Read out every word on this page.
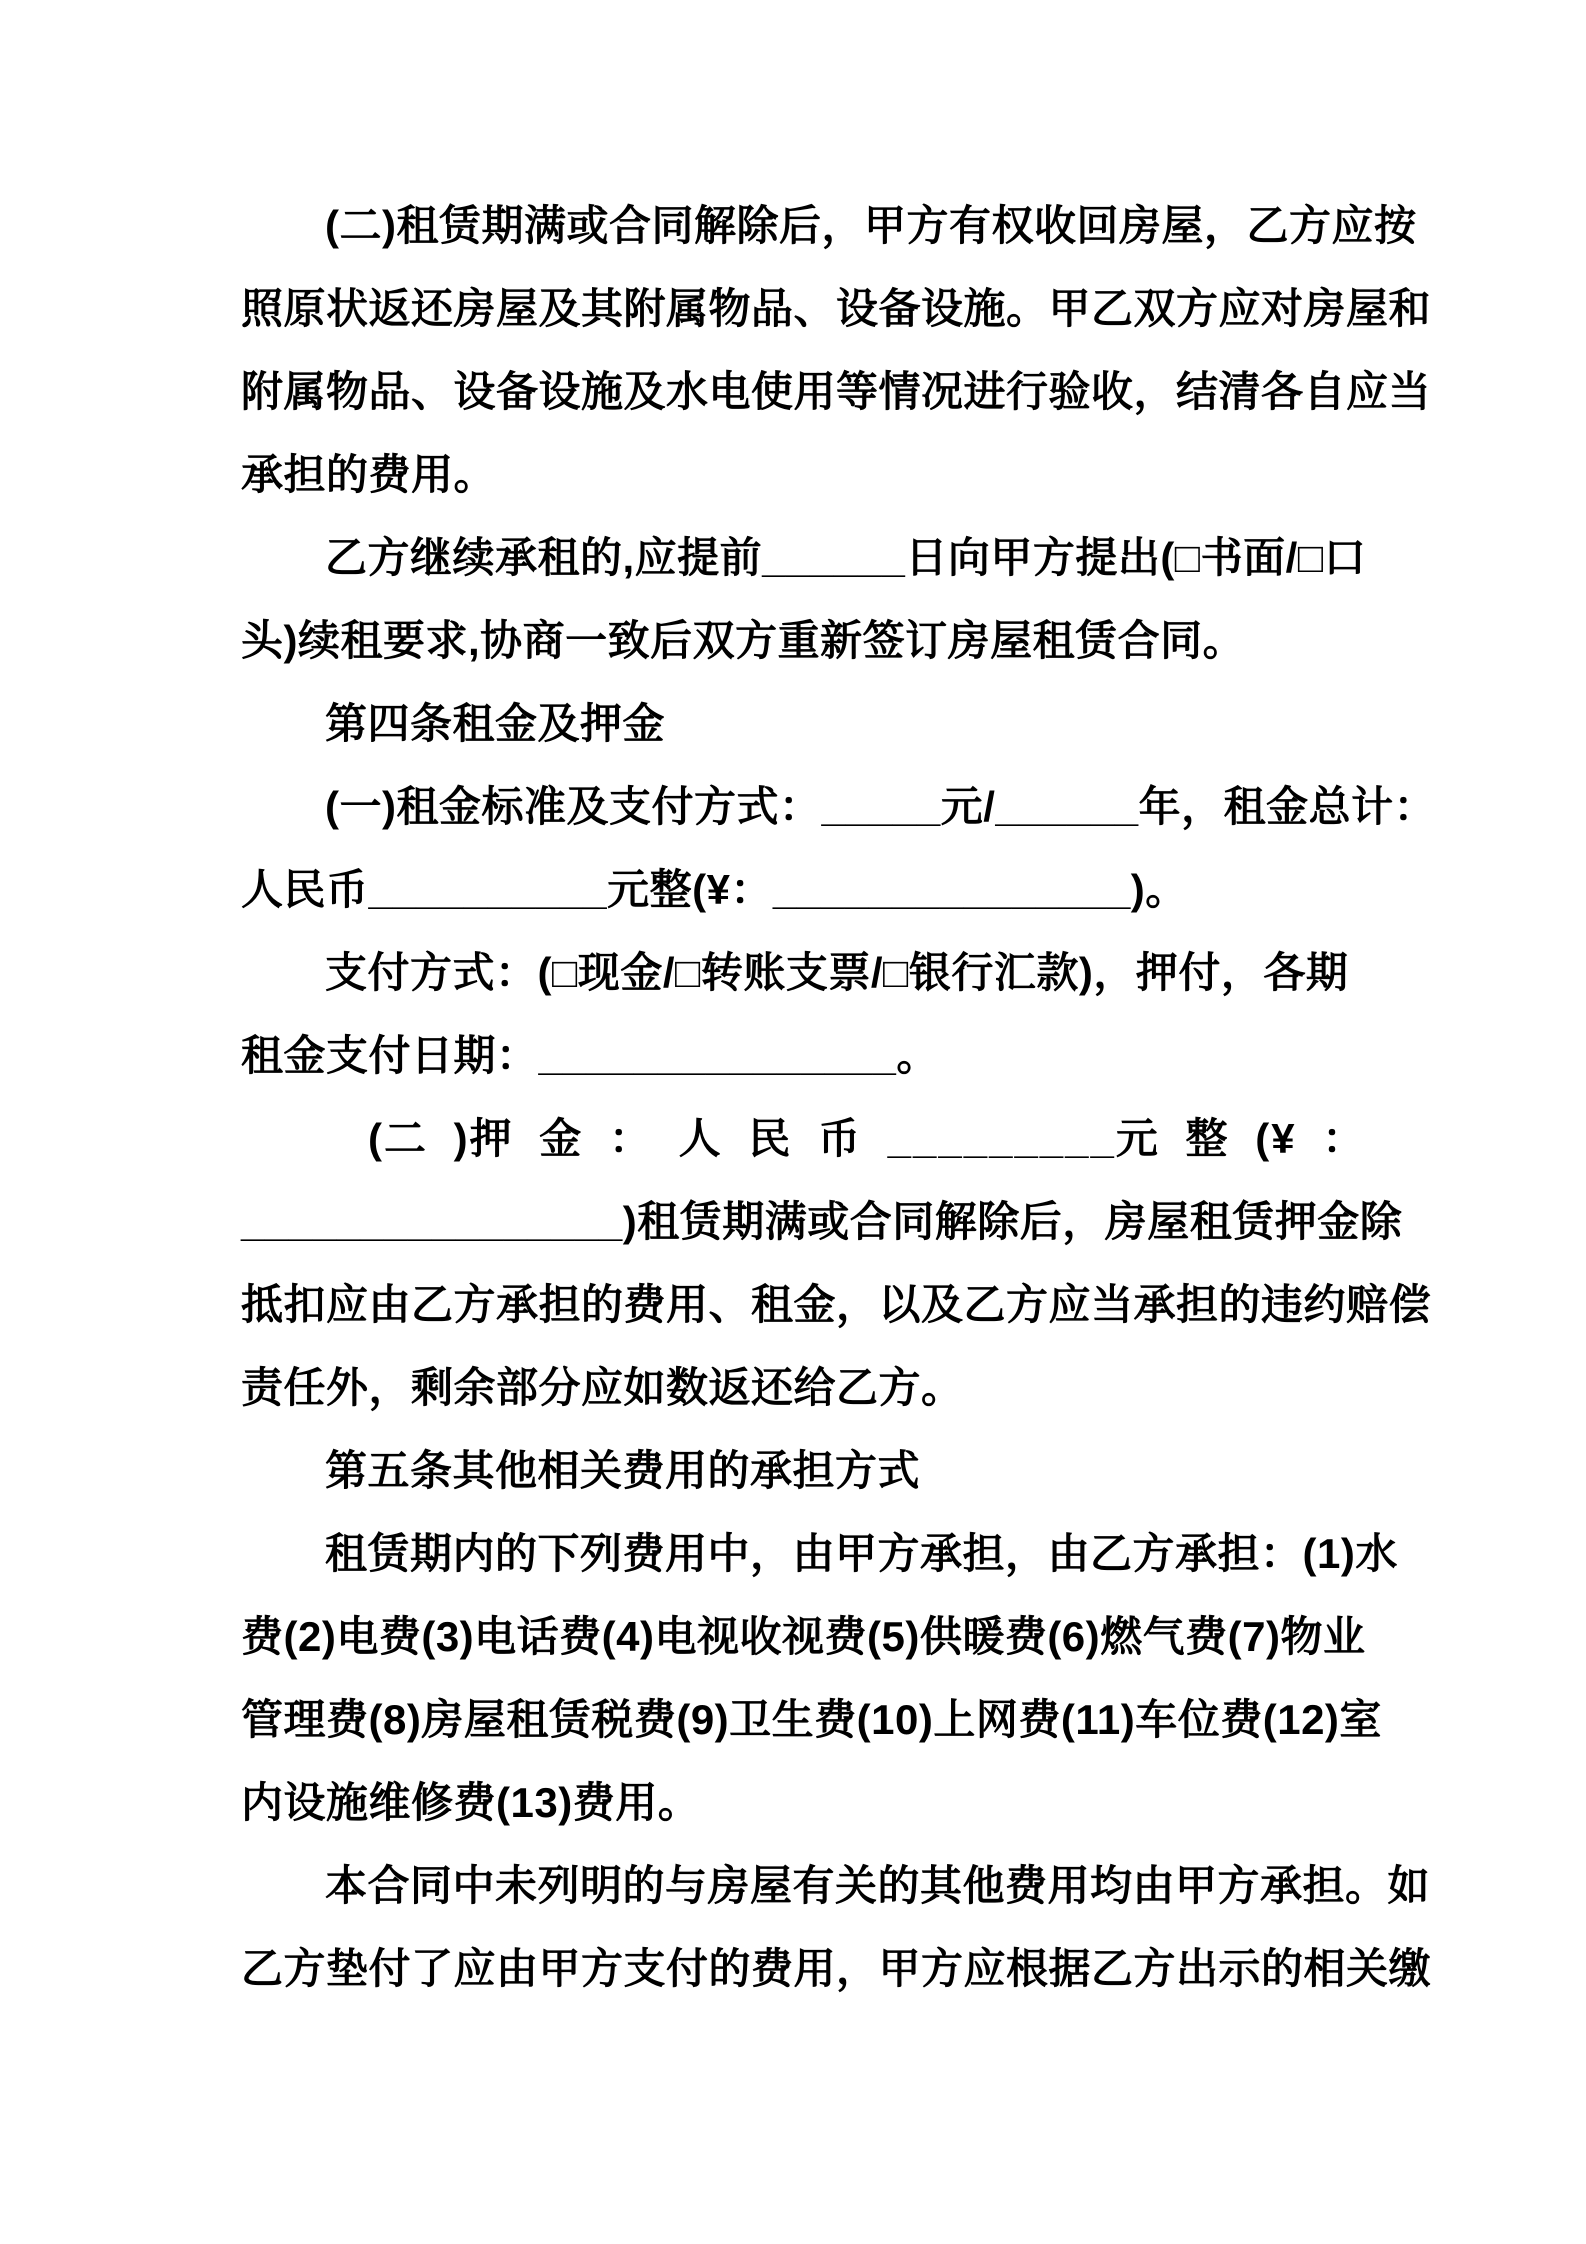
(二)租赁期满或合同解除后，甲方有权收回房屋，乙方应按
照原状返还房屋及其附属物品、设备设施。甲乙双方应对房屋和
附属物品、设备设施及水电使用等情况进行验收，结清各自应当
承担的费用。
乙方继续承租的,应提前______日向甲方提出(□书面/□口
头)续租要求,协商一致后双方重新签订房屋租赁合同。
第四条租金及押金
(一)租金标准及支付方式：_____元/______年，租金总计：
人民币__________元整(¥：_______________)。
支付方式：(□现金/□转账支票/□银行汇款)，押付，各期
租金支付日期：_______________。
(二 )押 金 ： 人 民 币 _________元 整 (¥ ：
________________)租赁期满或合同解除后，房屋租赁押金除
抵扣应由乙方承担的费用、租金，以及乙方应当承担的违约赔偿
责任外，剩余部分应如数返还给乙方。
第五条其他相关费用的承担方式
租赁期内的下列费用中，由甲方承担，由乙方承担：(1)水
费(2)电费(3)电话费(4)电视收视费(5)供暖费(6)燃气费(7)物业
管理费(8)房屋租赁税费(9)卫生费(10)上网费(11)车位费(12)室
内设施维修费(13)费用。
本合同中未列明的与房屋有关的其他费用均由甲方承担。如
乙方垫付了应由甲方支付的费用，甲方应根据乙方出示的相关缴
